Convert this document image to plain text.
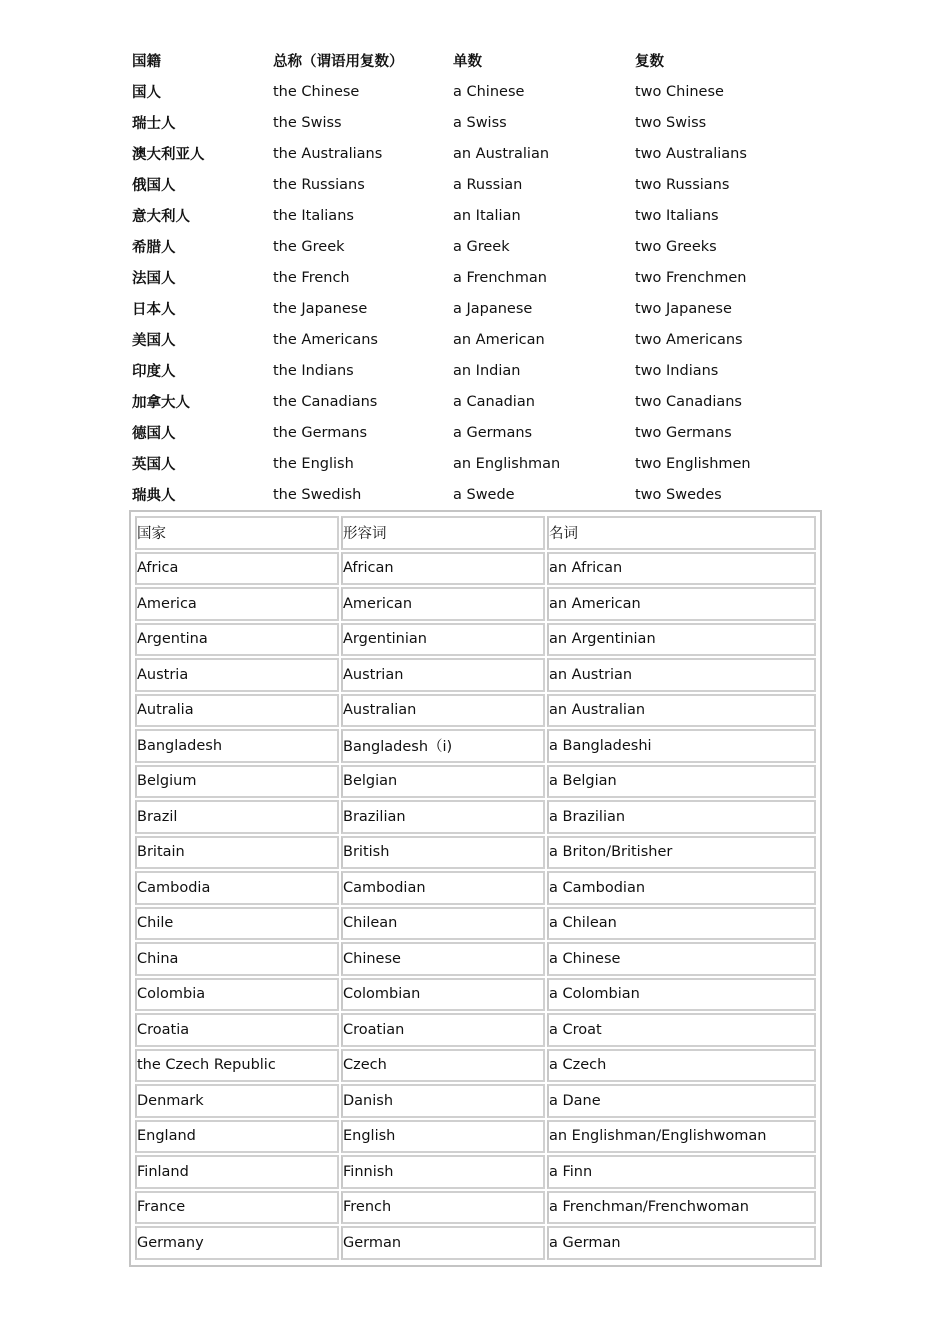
国籍	总称（谓语用复数）	单数	复数
国人	the Chinese	a Chinese	two Chinese
瑞士人	the Swiss	a Swiss	two Swiss
澳大利亚人	the Australians	an Australian	two Australians
俄国人	the Russians	a Russian	two Russians
意大利人	the Italians	an Italian	two Italians
希腊人	the Greek	a Greek	two Greeks
法国人	the French	a Frenchman	two Frenchmen
日本人	the Japanese	a Japanese	two Japanese
美国人	the Americans	an American	two Americans
印度人	the Indians	an Indian	two Indians
加拿大人	the Canadians	a Canadian	two Canadians
德国人	the Germans	a Germans	two Germans
英国人	the English	an Englishman	two Englishmen
瑞典人	the Swedish	a Swede	two Swedes
国家	形容词	名词
Africa	African	an African
America	American	an American
Argentina	Argentinian	an Argentinian
Austria	Austrian	an Austrian
Autralia	Australian	an Australian
Bangladesh	Bangladesh（i)	a Bangladeshi
Belgium	Belgian	a Belgian
Brazil	Brazilian	a Brazilian
Britain	British	a Briton/Britisher
Cambodia	Cambodian	a Cambodian
Chile	Chilean	a Chilean
China	Chinese	a Chinese
Colombia	Colombian	a Colombian
Croatia	Croatian	a Croat
the Czech Republic	Czech	a Czech
Denmark	Danish	a Dane
England	English	an Englishman/Englishwoman
Finland	Finnish	a Finn
France	French	a Frenchman/Frenchwoman
Germany	German	a German
